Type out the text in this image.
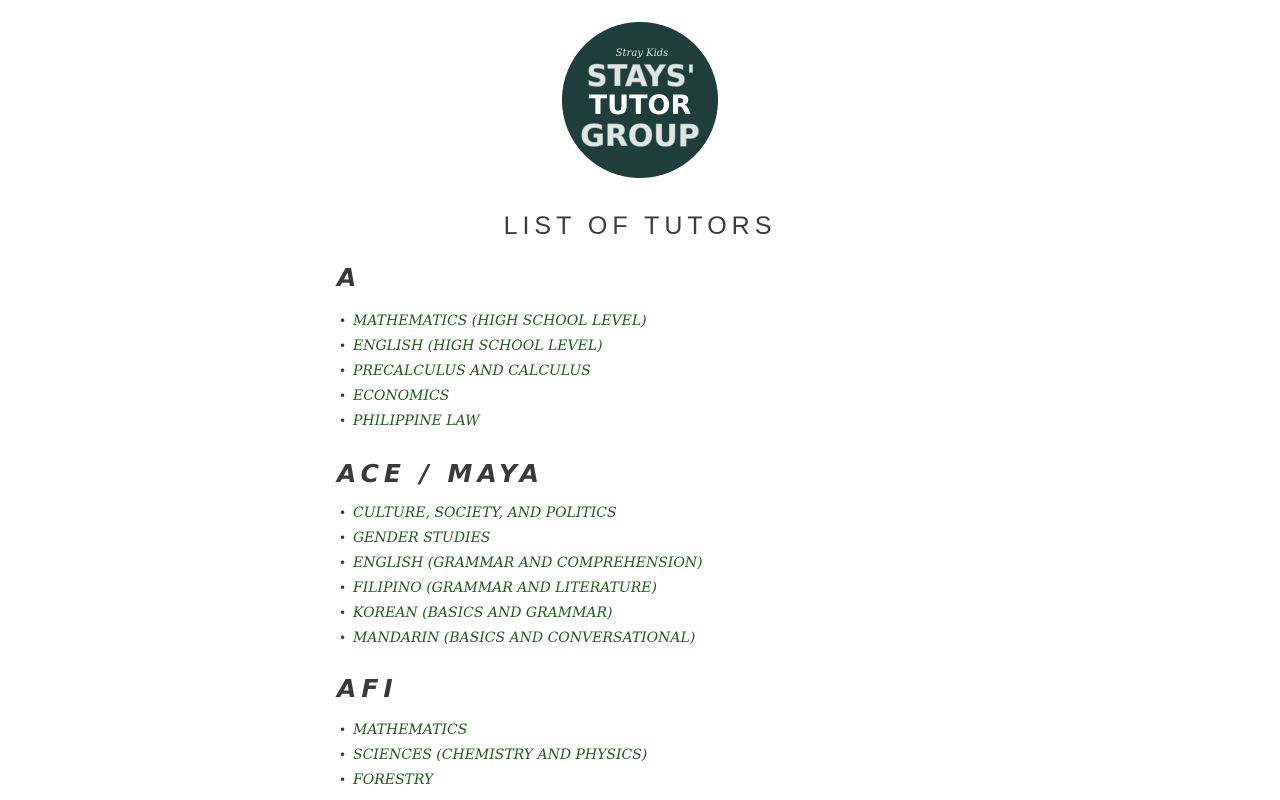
Stray Kids
STAYS'
TUTOR
GROUP
LIST OF TUTORS
A
• MATHEMATICS (HIGH SCHOOL LEVEL)
• ENGLISH (HIGH SCHOOL LEVEL)
• PRECALCULUS AND CALCULUS
• ECONOMICS
• PHILIPPINE LAW
ACE / MAYA
• CULTURE, SOCIETY, AND POLITICS
• GENDER STUDIES
• ENGLISH (GRAMMAR AND COMPREHENSION)
• FILIPINO (GRAMMAR AND LITERATURE)
• KOREAN (BASICS AND GRAMMAR)
• MANDARIN (BASICS AND CONVERSATIONAL)
AFI
• MATHEMATICS
• SCIENCES (CHEMISTRY AND PHYSICS)
• FORESTRY
